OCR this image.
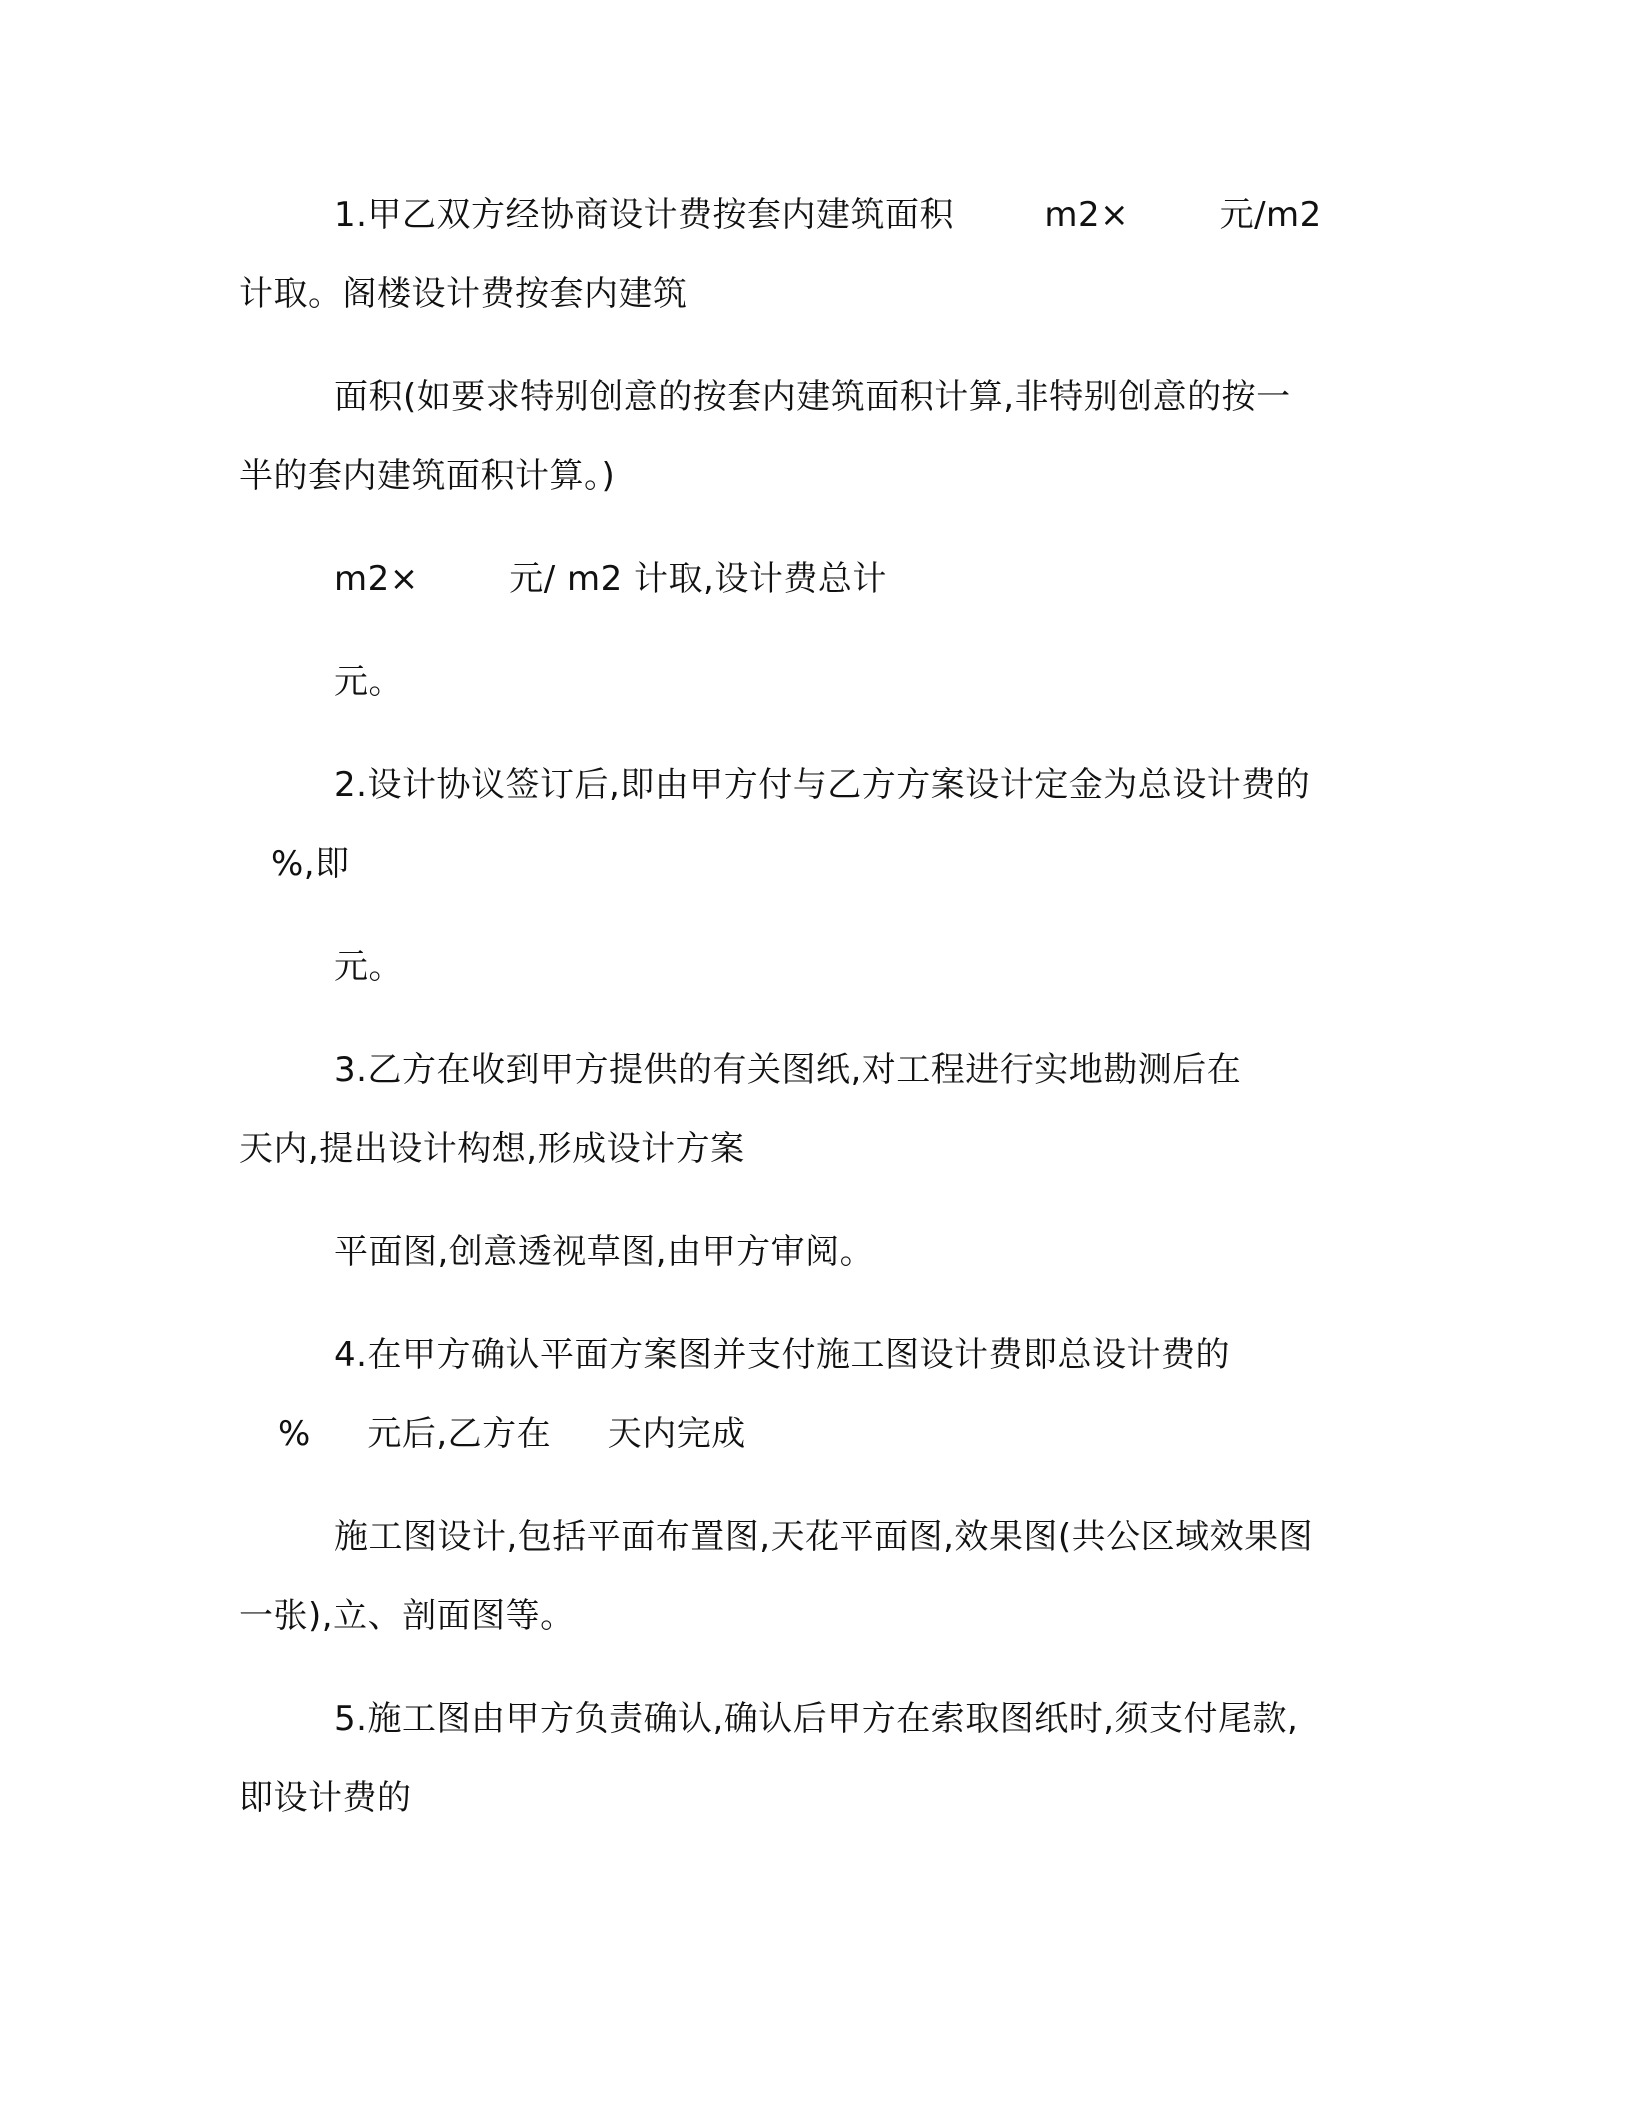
1.甲乙双方经协商设计费按套内建筑面积        m2×        元/m2
计取。阁楼设计费按套内建筑
面积(如要求特别创意的按套内建筑面积计算,非特别创意的按一
半的套内建筑面积计算。)
m2×        元/ m2 计取,设计费总计
元。
2.设计协议签订后,即由甲方付与乙方方案设计定金为总设计费的
%,即
元。
3.乙方在收到甲方提供的有关图纸,对工程进行实地勘测后在
天内,提出设计构想,形成设计方案
平面图,创意透视草图,由甲方审阅。
4.在甲方确认平面方案图并支付施工图设计费即总设计费的
%     元后,乙方在     天内完成
施工图设计,包括平面布置图,天花平面图,效果图(共公区域效果图
一张),立、剖面图等。
5.施工图由甲方负责确认,确认后甲方在索取图纸时,须支付尾款,
即设计费的
